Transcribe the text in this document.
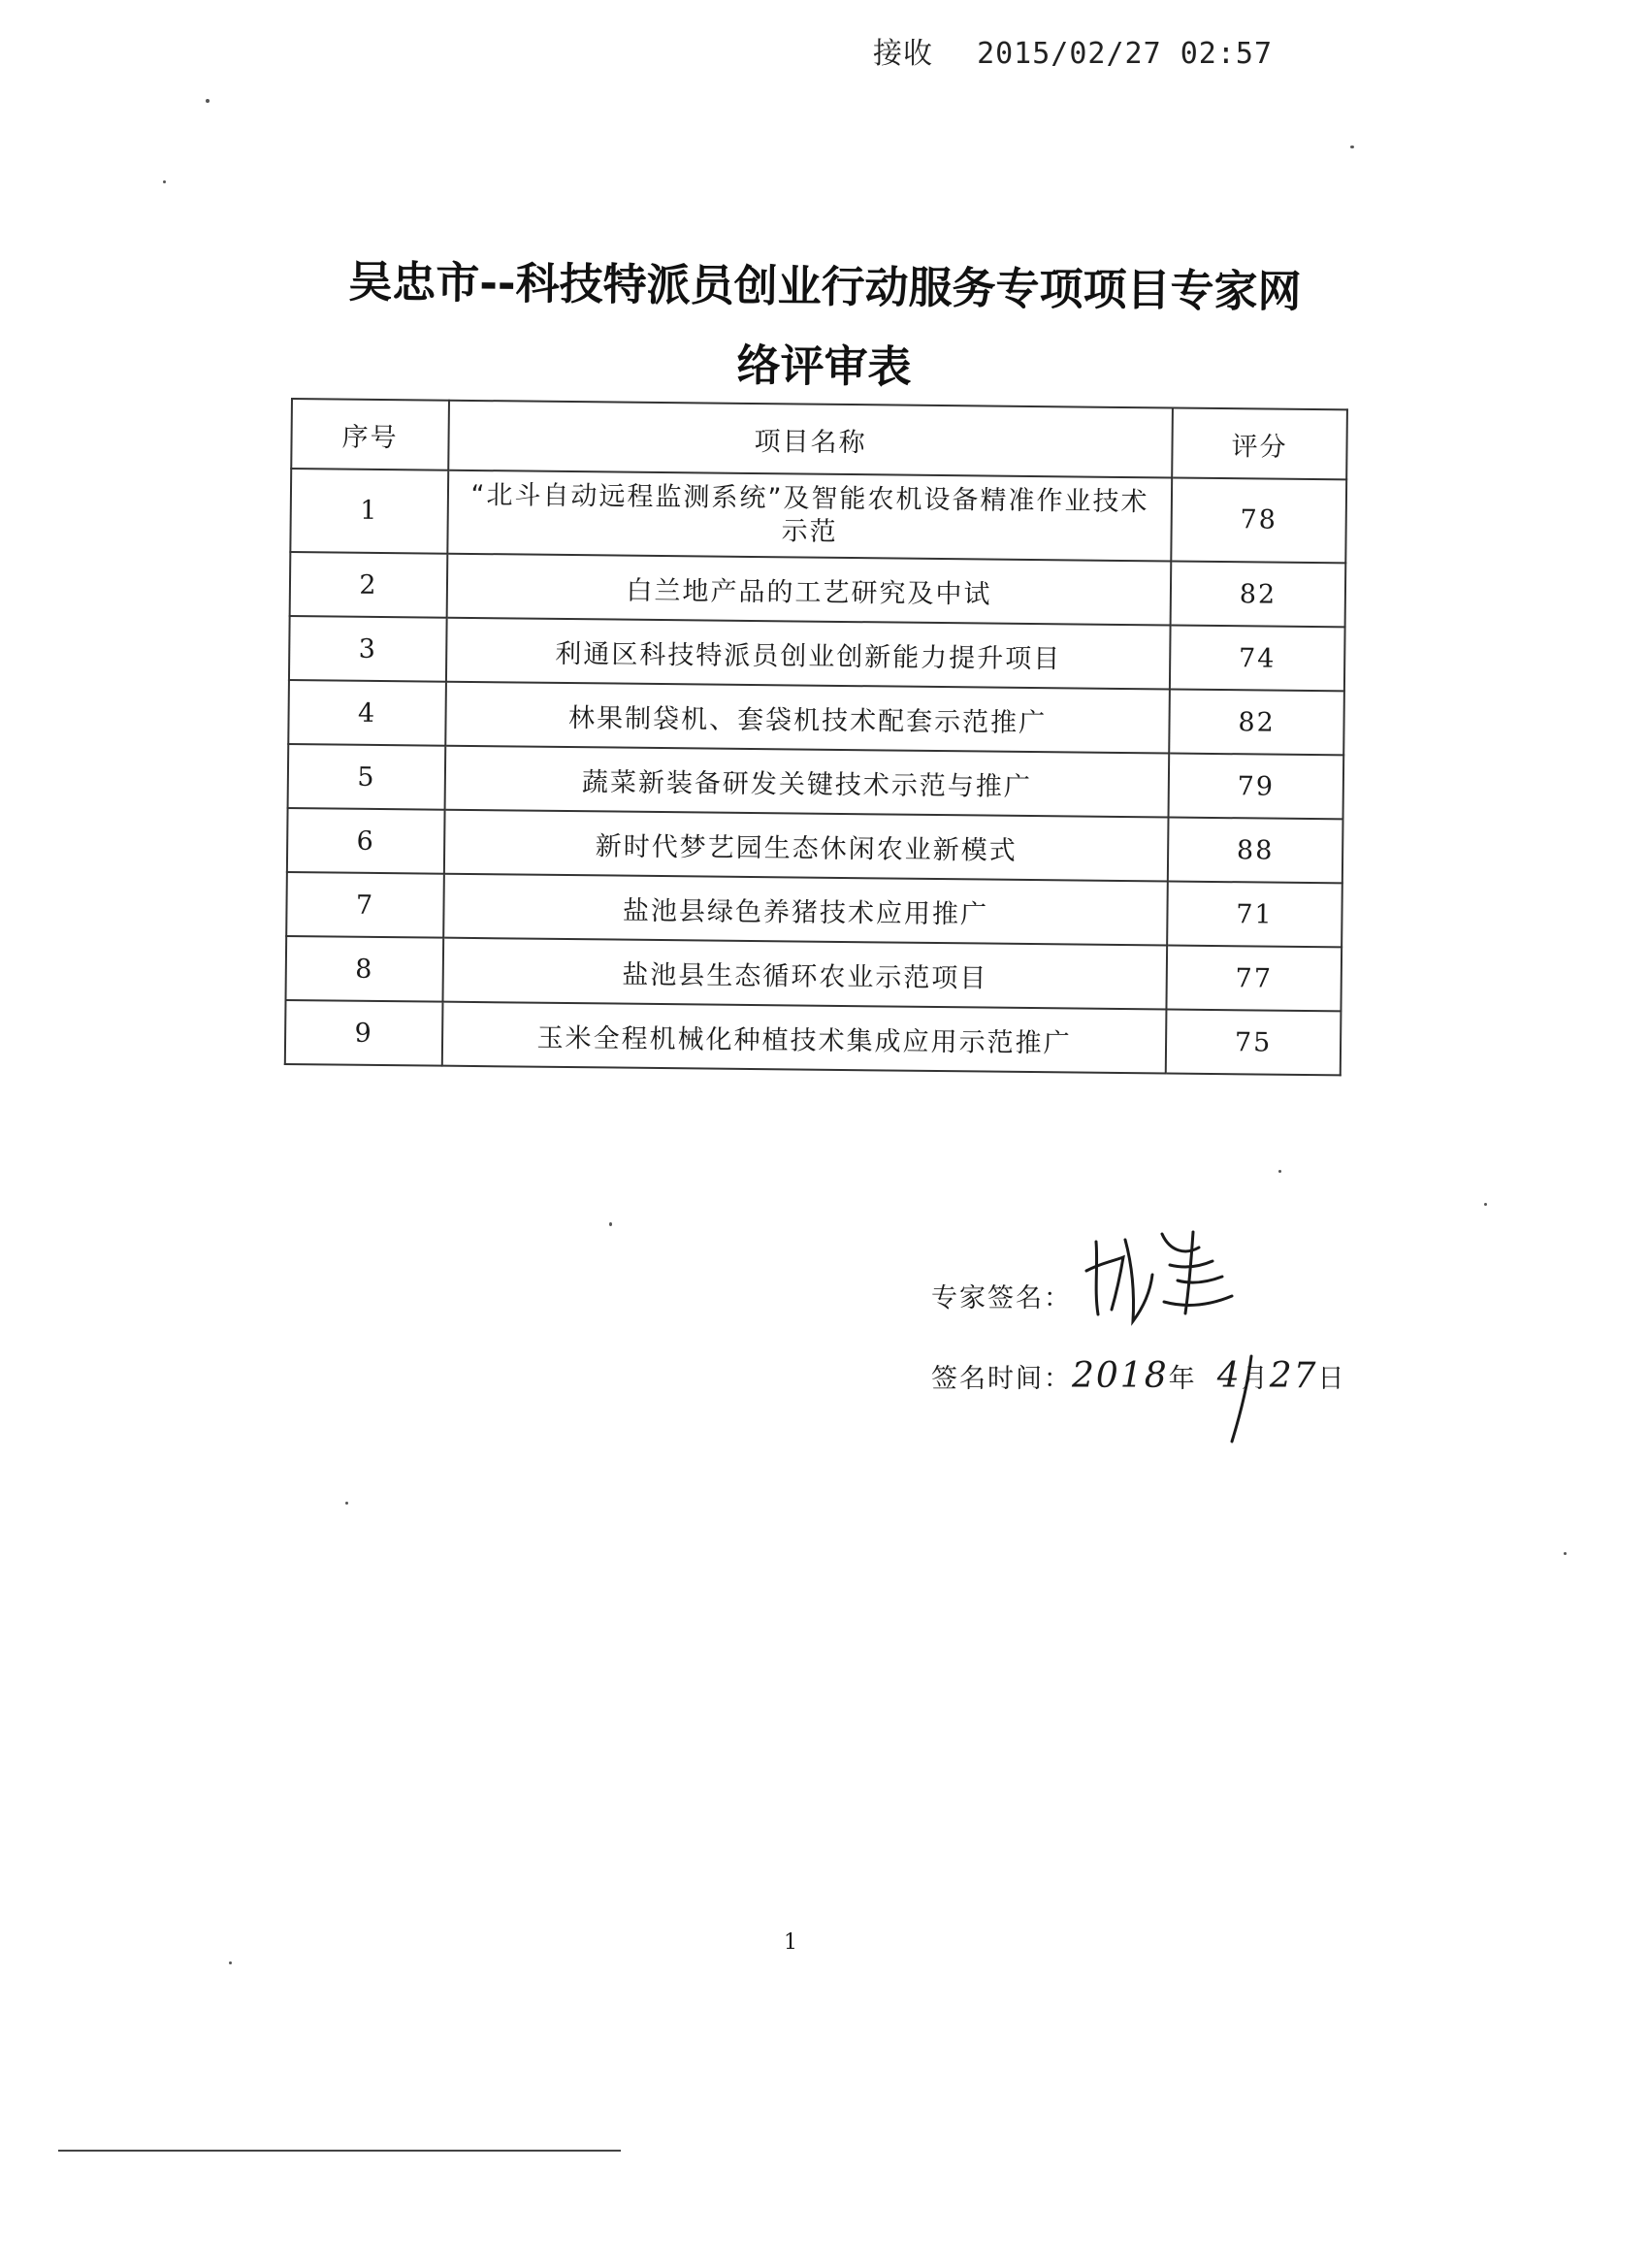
接收 2015/02/27 02:57
吴忠市--科技特派员创业行动服务专项项目专家网
络评审表
序号	项目名称	评分
1	“北斗自动远程监测系统”及智能农机设备精准作业技术示范	78
2	白兰地产品的工艺研究及中试	82
3	利通区科技特派员创业创新能力提升项目	74
4	林果制袋机、套袋机技术配套示范推广	82
5	蔬菜新装备研发关键技术示范与推广	79
6	新时代梦艺园生态休闲农业新模式	88
7	盐池县绿色养猪技术应用推广	71
8	盐池县生态循环农业示范项目	77
9	玉米全程机械化种植技术集成应用示范推广	75
专家签名：
签名时间：2018年 4月27日
1
